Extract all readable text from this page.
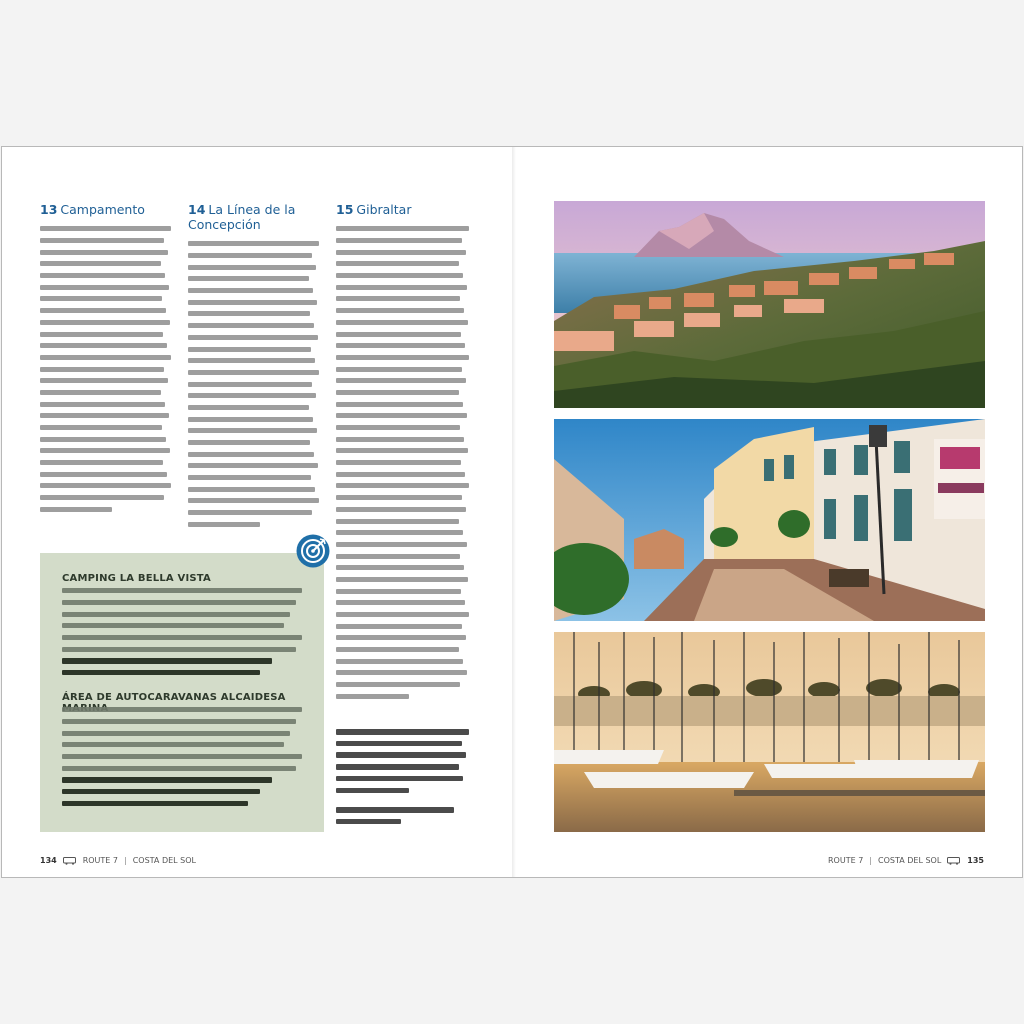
13 Campamento	14 La Línea de la Concepción
15 Gibraltar
CAMPING LA BELLA VISTA
ÁREA DE AUTOCARAVANAS ALCAIDESA
134	ROUTE 7 | COSTA DEL SOL	ROUTE 7 | COSTA DEL SOL	135
